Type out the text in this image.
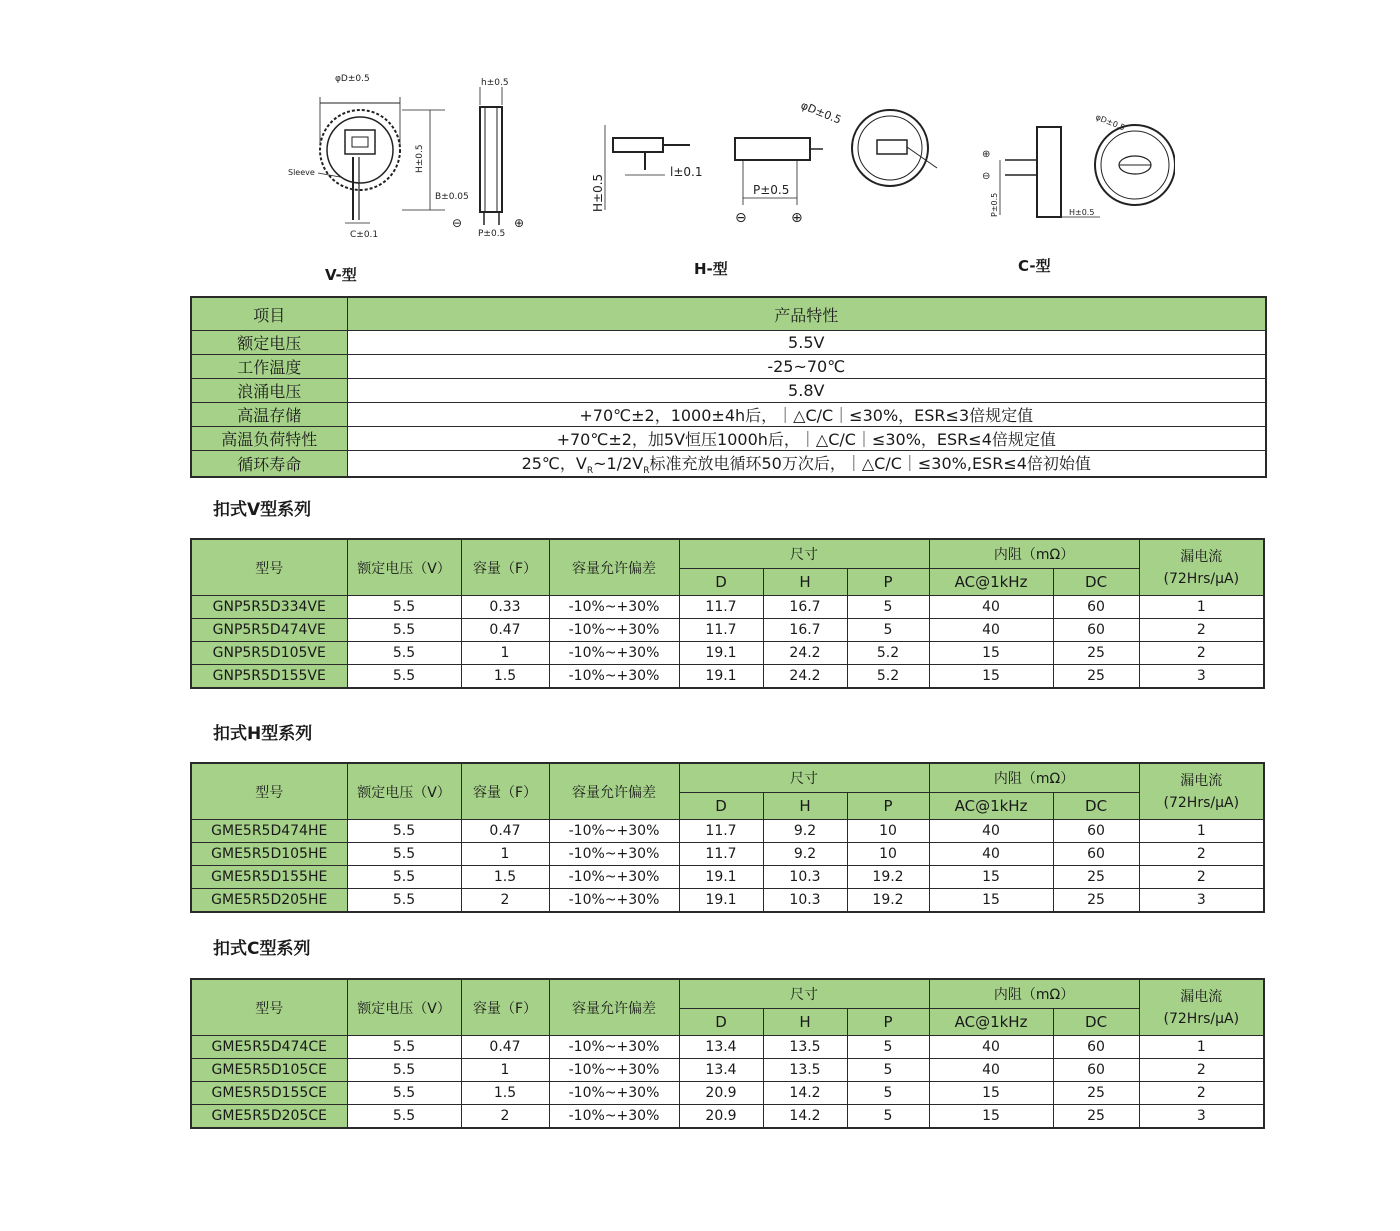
φD±0.5
H±0.5
Sleeve
C±0.1
h±0.5
B±0.05
⊖	⊕
P±0.5
V-型
H±0.5
l±0.1
P±0.5
⊖	⊕
φD±0.5
H-型
⊕
⊖
P±0.5	H±0.5
φD±0.5
C-型
项目	产品特性
额定电压	5.5V
工作温度	-25~70℃
浪涌电压	5.8V
高温存储	+70℃±2，1000±4h后，｜△C/C｜≤30%，ESR≤3倍规定值
高温负荷特性	+70℃±2，加5V恒压1000h后，｜△C/C｜≤30%，ESR≤4倍规定值
循环寿命	25℃，$V_R\sim 1/2V_R$标准充放电循环50万次后，｜△C/C｜≤30%,ESR≤4倍初始值
扣式V型系列
扣式H型系列
扣式C型系列
型号	额定电压（V）	容量（F）	容量允许偏差	尺寸			内阻（mΩ）		漏电流
(72Hrs/μA)
				D	H	P	AC@1kHz	DC	
GNP5R5D334VE	5.5	0.33	-10%~+30%	11.7	16.7	5	40	60	1
GNP5R5D474VE	5.5	0.47	-10%~+30%	11.7	16.7	5	40	60	2
GNP5R5D105VE	5.5	1	-10%~+30%	19.1	24.2	5.2	15	25	2
GNP5R5D155VE	5.5	1.5	-10%~+30%	19.1	24.2	5.2	15	25	3
型号	额定电压（V）	容量（F）	容量允许偏差	尺寸			内阻（mΩ）		漏电流
(72Hrs/μA)
				D	H	P	AC@1kHz	DC	
GME5R5D474HE	5.5	0.47	-10%~+30%	11.7	9.2	10	40	60	1
GME5R5D105HE	5.5	1	-10%~+30%	11.7	9.2	10	40	60	2
GME5R5D155HE	5.5	1.5	-10%~+30%	19.1	10.3	19.2	15	25	2
GME5R5D205HE	5.5	2	-10%~+30%	19.1	10.3	19.2	15	25	3
型号	额定电压（V）	容量（F）	容量允许偏差	尺寸			内阻（mΩ）		漏电流
(72Hrs/μA)
				D	H	P	AC@1kHz	DC	
GME5R5D474CE	5.5	0.47	-10%~+30%	13.4	13.5	5	40	60	1
GME5R5D105CE	5.5	1	-10%~+30%	13.4	13.5	5	40	60	2
GME5R5D155CE	5.5	1.5	-10%~+30%	20.9	14.2	5	15	25	2
GME5R5D205CE	5.5	2	-10%~+30%	20.9	14.2	5	15	25	3
